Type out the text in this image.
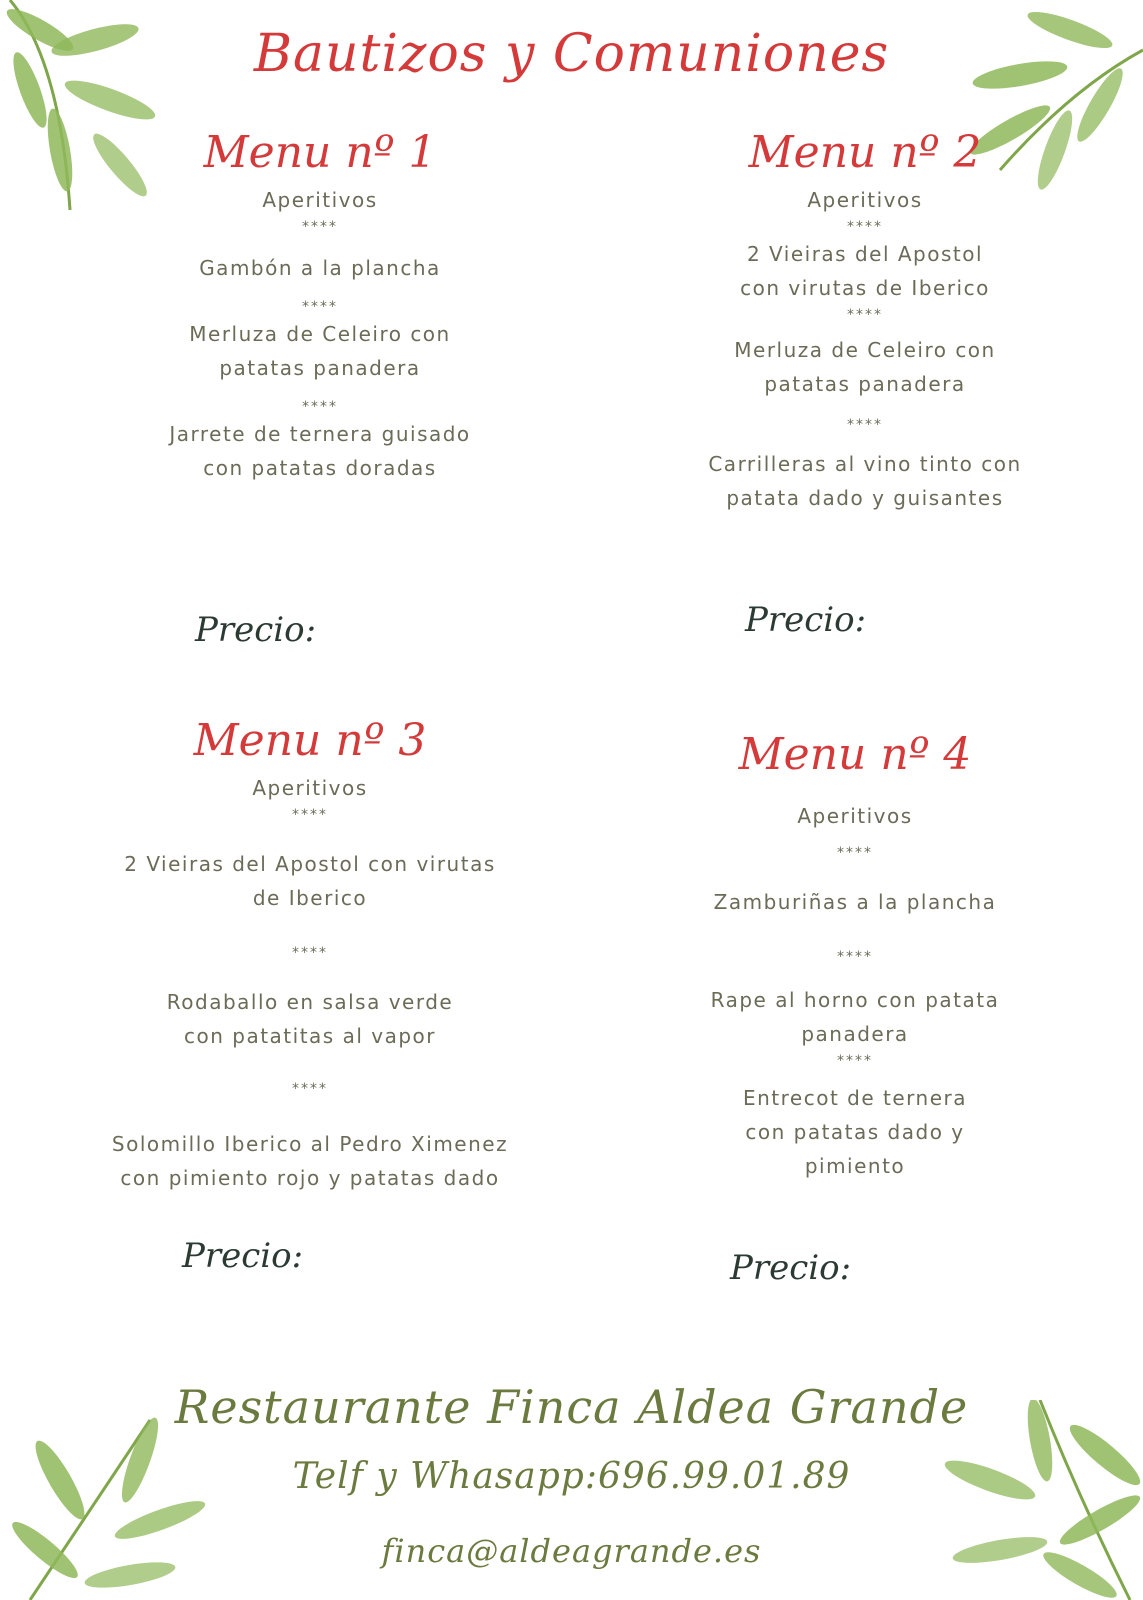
Bautizos y Comuniones
Menu nº 1
Aperitivos
****
Gambón a la plancha
****
Merluza de Celeiro con
patatas panadera
****
Jarrete de ternera guisado
con patatas doradas
Precio:
Menu nº 2
Aperitivos
****
2 Vieiras del Apostol
con virutas de Iberico
****
Merluza de Celeiro con
patatas panadera
****
Carrilleras al vino tinto con
patata dado y guisantes
Precio:
Menu nº 3
Aperitivos
****
2 Vieiras del Apostol con virutas
de Iberico
****
Rodaballo en salsa verde
con patatitas al vapor
****
Solomillo Iberico al Pedro Ximenez
con pimiento rojo y patatas dado
Precio:
Menu nº 4
Aperitivos
****
Zamburiñas a la plancha
****
Rape al horno con patata
panadera
****
Entrecot de ternera
con patatas dado y
pimiento
Precio:
Restaurante Finca Aldea Grande
Telf y Whasapp:696.99.01.89
finca@aldeagrande.es
